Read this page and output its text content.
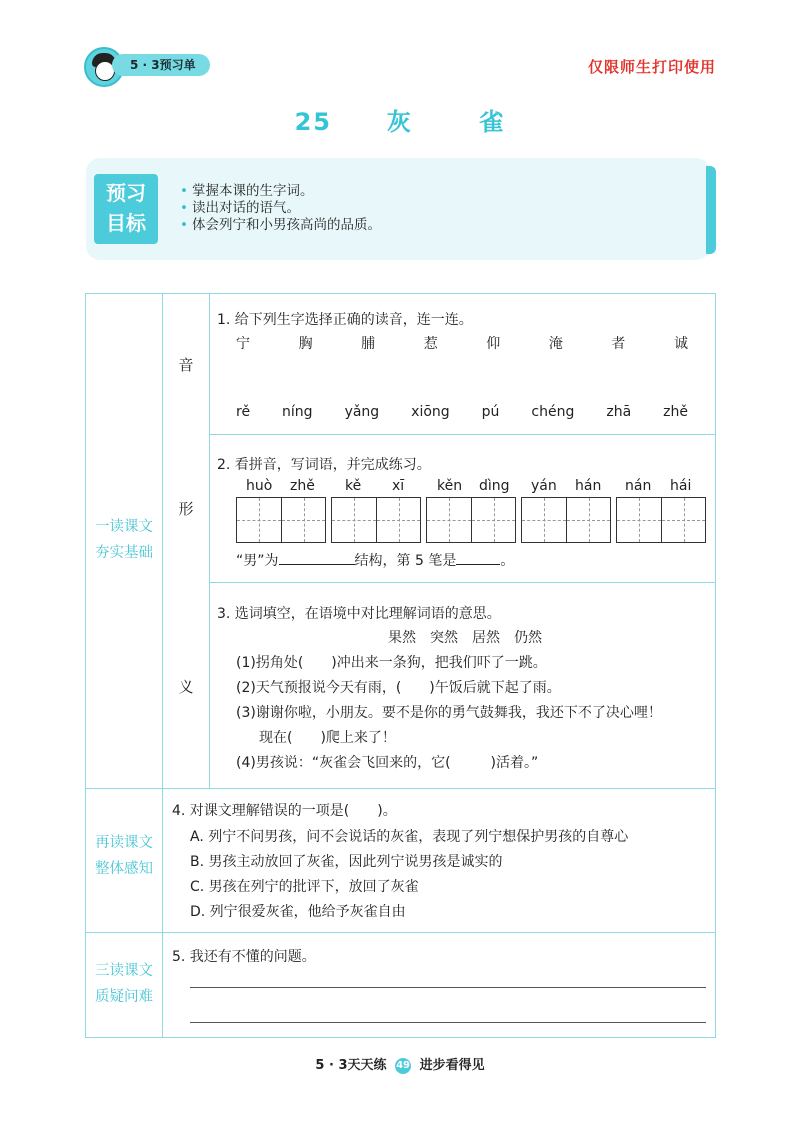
5 · 3预习单	仅限师生打印使用
25 灰	雀
预习
目标
• 掌握本课的生字词。
• 读出对话的语气。
• 体会列宁和小男孩高尚的品质。
一读课文
夯实基础
再读课文
整体感知
三读课文
质疑问难
音
形
义
1. 给下列生字选择正确的读音，连一连。
宁	胸	脯	惹	仰	淹	者	诚
rě níng yǎng xiōng pú chéng zhā zhě
2. 看拼音，写词语，并完成练习。
huò zhě kě xī kěn dìng yán hán nán hái
“男”为	结构，第 5 笔是	。
3. 选词填空，在语境中对比理解词语的意思。
果然　突然　居然　仍然
(1)拐角处( )冲出来一条狗，把我们吓了一跳。
(2)天气预报说今天有雨，( )午饭后就下起了雨。
(3)谢谢你啦，小朋友。要不是你的勇气鼓舞我，我还下不了决心哩！
现在( )爬上来了！
(4)男孩说：“灰雀会飞回来的，它(	)活着。”
4. 对课文理解错误的一项是(　　)。
A. 列宁不问男孩，问不会说话的灰雀，表现了列宁想保护男孩的自尊心
B. 男孩主动放回了灰雀，因此列宁说男孩是诚实的
C. 男孩在列宁的批评下，放回了灰雀
D. 列宁很爱灰雀，他给予灰雀自由
5. 我还有不懂的问题。
5 · 3天天练 49 进步看得见
